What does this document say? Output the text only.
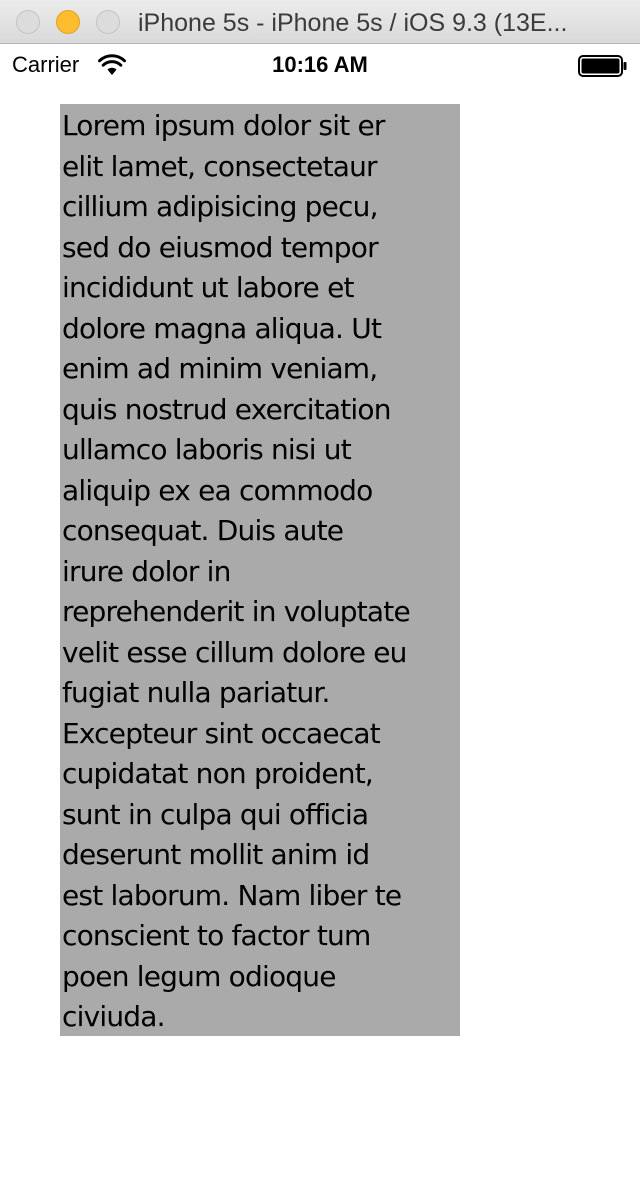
iPhone 5s - iPhone 5s / iOS 9.3 (13E...
Carrier	10:16 AM

Lorem ipsum dolor sit er
elit lamet, consectetaur
cillium adipisicing pecu,
sed do eiusmod tempor
incididunt ut labore et
dolore magna aliqua. Ut
enim ad minim veniam,
quis nostrud exercitation
ullamco laboris nisi ut
aliquip ex ea commodo
consequat. Duis aute
irure dolor in
reprehenderit in voluptate
velit esse cillum dolore eu
fugiat nulla pariatur.
Excepteur sint occaecat
cupidatat non proident,
sunt in culpa qui officia
deserunt mollit anim id
est laborum. Nam liber te
conscient to factor tum
poen legum odioque
civiuda.
